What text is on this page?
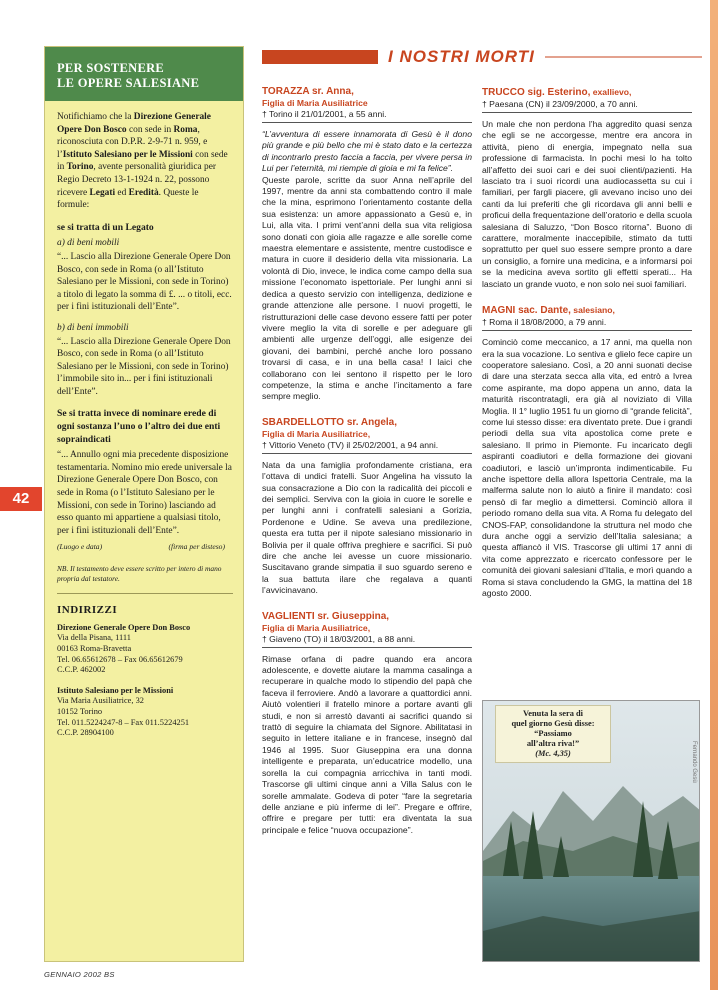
PER SOSTENERE
LE OPERE SALESIANE

Notifichiamo che la Direzione Generale Opere Don Bosco con sede in Roma, riconosciuta con D.P.R. 2-9-71 n. 959, e l’Istituto Salesiano per le Missioni con sede in Torino, avente personalità giuridica per Regio Decreto 13-1-1924 n. 22, possono ricevere Legati ed Eredità. Queste le formule:

se si tratta di un Legato
a) di beni mobili

“... Lascio alla Direzione Generale Opere Don Bosco, con sede in Roma (o all’Istituto Salesiano per le Missioni, con sede in Torino) a titolo di legato la somma di £. ... o titoli, ecc. per i fini istituzionali dell’Ente”.

b) di beni immobili

“... Lascio alla Direzione Generale Opere Don Bosco, con sede in Roma (o all’Istituto Salesiano per le Missioni, con sede in Torino) l’immobile sito in... per i fini istituzionali dell’Ente”.

Se si tratta invece di nominare erede di ogni sostanza l’uno o l’altro dei due enti sopraindicati

“... Annullo ogni mia precedente disposizione testamentaria. Nomino mio erede universale la Direzione Generale Opere Don Bosco, con sede in Roma (o l’Istituto Salesiano per le Missioni, con sede in Torino) lasciando ad esso quanto mi appartiene a qualsiasi titolo, per i fini istituzionali dell’Ente”.

(Luogo e data)	(firma per disteso)
NB. Il testamento deve essere scritto per intero di mano propria dal testatore.
INDIRIZZI
Direzione Generale Opere Don Bosco
Via della Pisana, 1111
00163 Roma-Bravetta
Tel. 06.65612678 – Fax 06.65612679
C.C.P. 462002
Istituto Salesiano per le Missioni
Via Maria Ausiliatrice, 32
10152 Torino
Tel. 011.5224247-8 – Fax 011.5224251
C.C.P. 28904100
42
GENNAIO 2002 BS
I NOSTRI MORTI
TORAZZA sr. Anna,
Figlia di Maria Ausiliatrice
† Torino il 21/01/2001, a 55 anni.
“L’avventura di essere innamorata di Gesù è il dono più grande e più bello che mi è stato dato e la certezza di incontrarlo presto faccia a faccia, per vivere persa in Lui per l’eternità, mi riempie di gioia e mi fa felice”.
Queste parole, scritte da suor Anna nell’aprile del 1997, mentre da anni sta combattendo contro il male che la mina, esprimono l’orientamento costante della sua esistenza: un amore appassionato a Gesù e, in Lui, alla vita. I primi vent’anni della sua vita religiosa sono donati con gioia alle ragazze e alle sorelle come maestra elementare e assistente, mentre custodisce e matura in cuore il desiderio della vita missionaria. La volontà di Dio, invece, le indica come campo della sua missione l’economato ispettoriale. Per lunghi anni si dedica a questo servizio con intelligenza, dedizione e grande attenzione alle persone. I nuovi progetti, le ristrutturazioni delle case devono essere fatti per poter vivere meglio la vita di sorelle e per adeguare gli ambienti alle urgenze dell’oggi, alle esigenze dei giovani, dei bambini, perché anche loro possano trovarsi di casa, e in una bella casa! I laici che collaborano con lei sentono il rispetto per le loro competenze, la stima e anche l’incitamento a fare sempre meglio.
SBARDELLOTTO sr. Angela,
Figlia di Maria Ausiliatrice,
† Vittorio Veneto (TV) il 25/02/2001, a 94 anni.
Nata da una famiglia profondamente cristiana, era l’ottava di undici fratelli. Suor Angelina ha vissuto la sua consacrazione a Dio con la radicalità dei piccoli e dei semplici. Serviva con la gioia in cuore le sorelle e per lunghi anni i confratelli salesiani a Gorizia, Pordenone e Udine. Se aveva una predilezione, questa era tutta per il nipote salesiano missionario in Bolivia per il quale offriva preghiere e sacrifici. Si può dire che anche lei avesse un cuore missionario. Suscitavano grande simpatia il suo sguardo sereno e la sua battuta ilare che regalava a quanti l’avvicinavano.
VAGLIENTI sr. Giuseppina,
Figlia di Maria Ausiliatrice,
† Giaveno (TO) il 18/03/2001, a 88 anni.
Rimase orfana di padre quando era ancora adolescente, e dovette aiutare la mamma casalinga a recuperare in qualche modo lo stipendio del papà che faceva il ferroviere. Andò a lavorare a quattordici anni. Aiutò volentieri il fratello minore a portare avanti gli studi, e non si arrestò davanti ai sacrifici quando si trattò di seguire la chiamata del Signore. Abilitatasi in seguito in lettere italiane e in francese, insegnò dal 1946 al 1995. Suor Giuseppina era una donna intelligente e preparata, un’educatrice modello, una sorella la cui compagnia arricchiva in tanti modi. Trascorse gli ultimi cinque anni a Villa Salus con le sorelle ammalate. Godeva di poter “fare la segretaria delle anziane e più inferme di lei”. Pregare e offrire, offrire e pregare per tutti: era diventata la sua principale e felice “nuova occupazione”.
TRUCCO sig. Esterino, exallievo,
† Paesana (CN) il 23/09/2000, a 70 anni.
Un male che non perdona l’ha aggredito quasi senza che egli se ne accorgesse, mentre era ancora in attività, pieno di energia, impegnato nella sua professione di farmacista. In pochi mesi lo ha tolto all’affetto dei suoi cari e dei suoi clienti/pazienti. Ha lasciato tra i suoi ricordi una audiocassetta su cui i familiari, per fargli piacere, gli avevano inciso uno dei canti da lui preferiti che gli ricordava gli anni belli e proficui della frequentazione dell’oratorio e della scuola salesiana di Saluzzo, “Don Bosco ritorna”. Buono di carattere, moralmente inaccepibile, stimato da tutti soprattutto per quel suo essere sempre pronto a dare un consiglio, a fornire una medicina, e a informarsi poi se la medicina aveva sortito gli effetti sperati... Ha lasciato un grande vuoto, e non solo nei suoi familiari.
MAGNI sac. Dante, salesiano,
† Roma il 18/08/2000, a 79 anni.
Cominciò come meccanico, a 17 anni, ma quella non era la sua vocazione. Lo sentiva e glielo fece capire un cooperatore salesiano. Così, a 20 anni suonati decise di dare una sterzata secca alla vita, ed entrò a Ivrea come aspirante, ma dopo appena un anno, data la maturità riscontratagli, era già al noviziato di Villa Moglia. Il 1° luglio 1951 fu un giorno di “grande felicità”, come lui stesso disse: era diventato prete. Due i grandi periodi della sua vita apostolica come prete e salesiano. Il primo in Piemonte. Fu incaricato degli aspiranti coadiutori e della formazione dei giovani coadiutori, e lasciò un’impronta indimenticabile. Fu anche ispettore della allora Ispettoria Centrale, ma la malferma salute non lo aiutò a finire il mandato: così pensò di far meglio a dimettersi. Cominciò allora il periodo romano della sua vita. A Roma fu delegato del CNOS-FAP, consolidandone la struttura nel modo che dura anche oggi a servizio dell’Italia salesiana; a questa affiancò il VIS. Trascorse gli ultimi 17 anni di vita come apprezzato e ricercato confessore per le comunità dei giovani salesiani d’Italia, e morì quando a Roma si stava concludendo la GMG, la mattina del 18 agosto 2000.
Venuta la sera di
quel giorno Gesù disse:
“Passiamo
all’altra riva!”
(Mc. 4,35)	Fernando Gesù
